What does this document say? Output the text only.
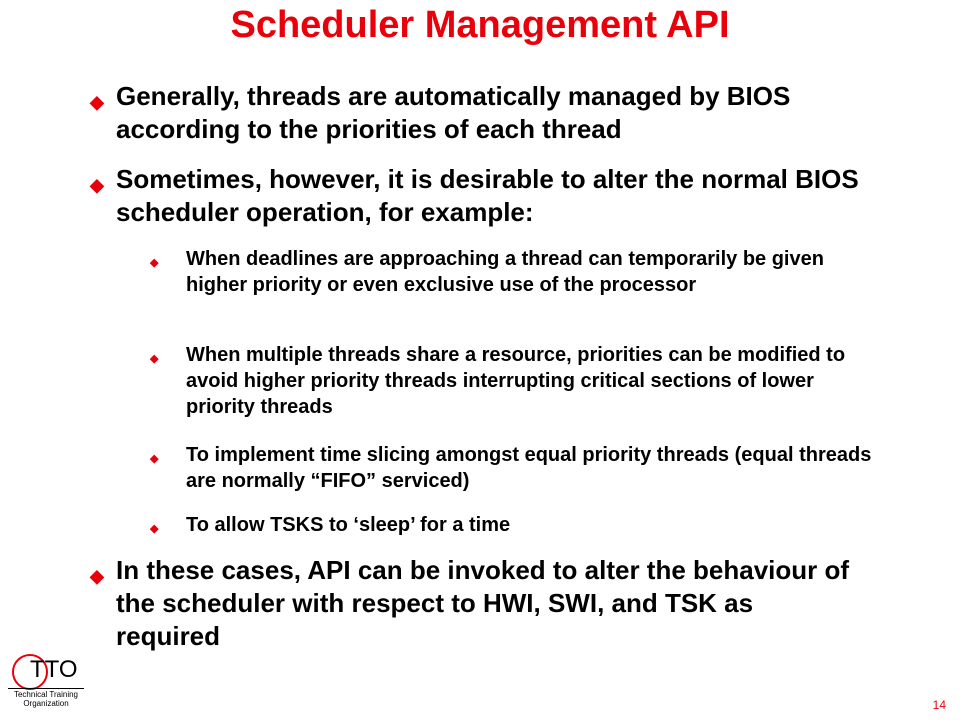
Scheduler Management API
◆ Generally, threads are automatically managed by BIOS according to the priorities of each thread
◆ Sometimes, however, it is desirable to alter the normal BIOS scheduler operation, for example:
◆ When deadlines are approaching a thread can temporarily be given higher priority or even exclusive use of the processor
◆ When multiple threads share a resource, priorities can be modified to avoid higher priority threads interrupting critical sections of lower priority threads
◆ To implement time slicing amongst equal priority threads (equal threads are normally “FIFO” serviced)
◆ To allow TSKS to ‘sleep’ for a time
◆ In these cases, API can be invoked to alter the behaviour of the scheduler with respect to HWI, SWI, and TSK as required
TTO
Technical Training Organization	14
